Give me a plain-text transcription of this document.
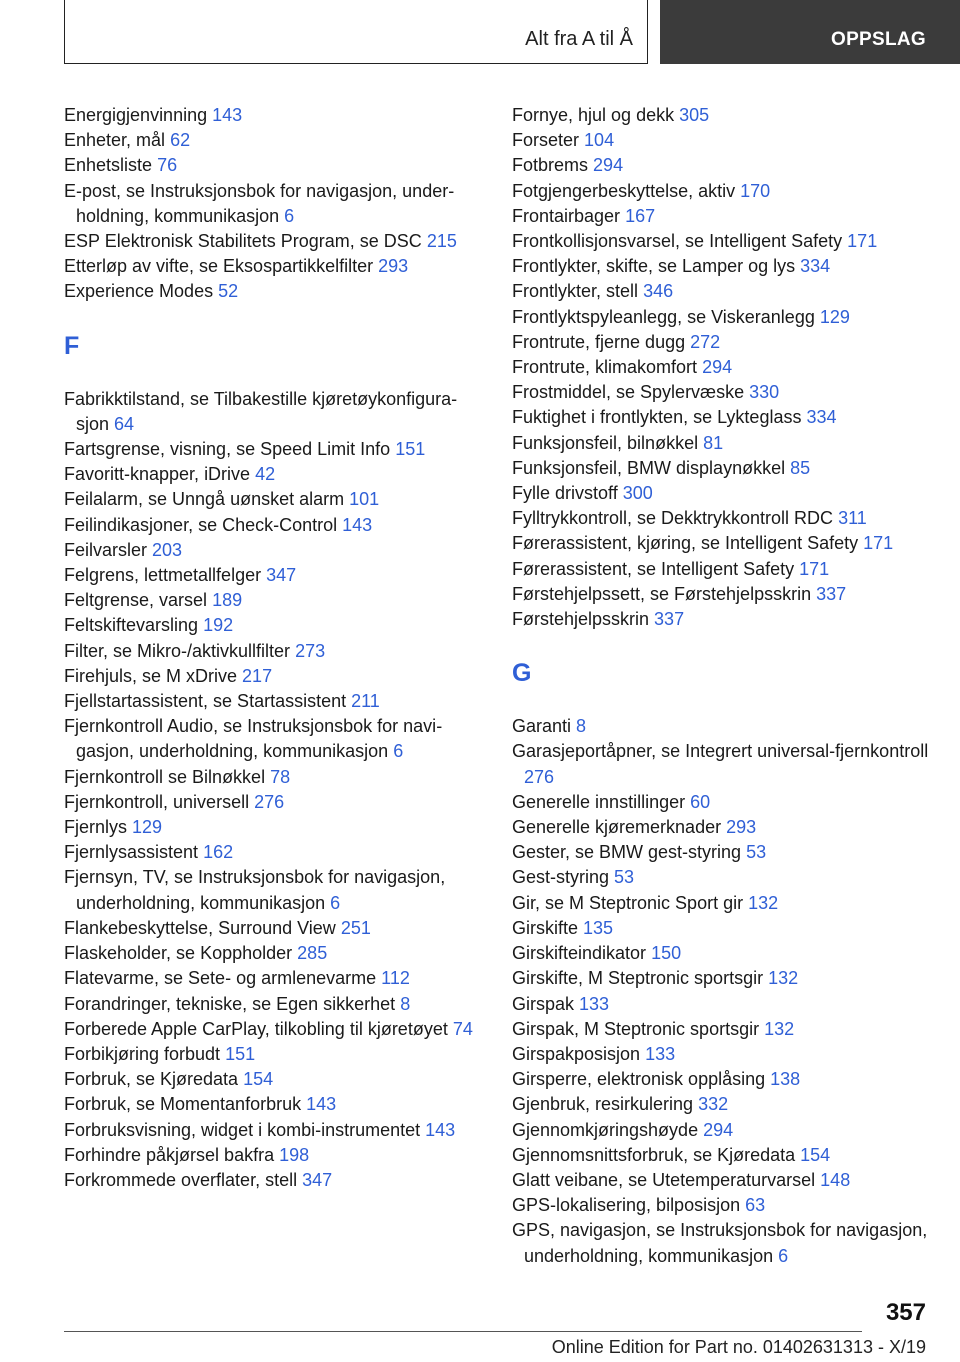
Alt fra A til Å	OPPSLAG
Energigjenvinning 143
Enheter, mål 62
Enhetsliste 76
E-post, se Instruksjonsbok for navigasjon, underholdning, kommunikasjon 6
ESP Elektronisk Stabilitets Program, se DSC 215
Etterløp av vifte, se Eksospartikkelfilter 293
Experience Modes 52
F
Fabrikktilstand, se Tilbakestille kjøretøykonfigurasjon 64
Fartsgrense, visning, se Speed Limit Info 151
Favoritt-knapper, iDrive 42
Feilalarm, se Unngå uønsket alarm 101
Feilindikasjoner, se Check-Control 143
Feilvarsler 203
Felgrens, lettmetallfelger 347
Feltgrense, varsel 189
Feltskiftevarsling 192
Filter, se Mikro-/aktivkullfilter 273
Firehjuls, se M xDrive 217
Fjellstartassistent, se Startassistent 211
Fjernkontroll Audio, se Instruksjonsbok for navigasjon, underholdning, kommunikasjon 6
Fjernkontroll se Bilnøkkel 78
Fjernkontroll, universell 276
Fjernlys 129
Fjernlysassistent 162
Fjernsyn, TV, se Instruksjonsbok for navigasjon, underholdning, kommunikasjon 6
Flankebeskyttelse, Surround View 251
Flaskeholder, se Koppholder 285
Flatevarme, se Sete- og armlenevarme 112
Forandringer, tekniske, se Egen sikkerhet 8
Forberede Apple CarPlay, tilkobling til kjøretøyet 74
Forbikjøring forbudt 151
Forbruk, se Kjøredata 154
Forbruk, se Momentanforbruk 143
Forbruksvisning, widget i kombi-instrumentet 143
Forhindre påkjørsel bakfra 198
Forkrommede overflater, stell 347
Fornye, hjul og dekk 305
Forseter 104
Fotbrems 294
Fotgjengerbeskyttelse, aktiv 170
Frontairbager 167
Frontkollisjonsvarsel, se Intelligent Safety 171
Frontlykter, skifte, se Lamper og lys 334
Frontlykter, stell 346
Frontlyktspyleanlegg, se Viskeranlegg 129
Frontrute, fjerne dugg 272
Frontrute, klimakomfort 294
Frostmiddel, se Spylervæske 330
Fuktighet i frontlykten, se Lykteglass 334
Funksjonsfeil, bilnøkkel 81
Funksjonsfeil, BMW displaynøkkel 85
Fylle drivstoff 300
Fylltrykkontroll, se Dekktrykkontroll RDC 311
Førerassistent, kjøring, se Intelligent Safety 171
Førerassistent, se Intelligent Safety 171
Førstehjelpssett, se Førstehjelpsskrin 337
Førstehjelpsskrin 337
G
Garanti 8
Garasjeportåpner, se Integrert universal-fjernkontroll 276
Generelle innstillinger 60
Generelle kjøremerknader 293
Gester, se BMW gest-styring 53
Gest-styring 53
Gir, se M Steptronic Sport gir 132
Girskifte 135
Girskifteindikator 150
Girskifte, M Steptronic sportsgir 132
Girspak 133
Girspak, M Steptronic sportsgir 132
Girspakposisjon 133
Girsperre, elektronisk opplåsing 138
Gjenbruk, resirkulering 332
Gjennomkjøringshøyde 294
Gjennomsnittsforbruk, se Kjøredata 154
Glatt veibane, se Utetemperaturvarsel 148
GPS-lokalisering, bilposisjon 63
GPS, navigasjon, se Instruksjonsbok for navigasjon, underholdning, kommunikasjon 6
357
Online Edition for Part no. 01402631313 - X/19
